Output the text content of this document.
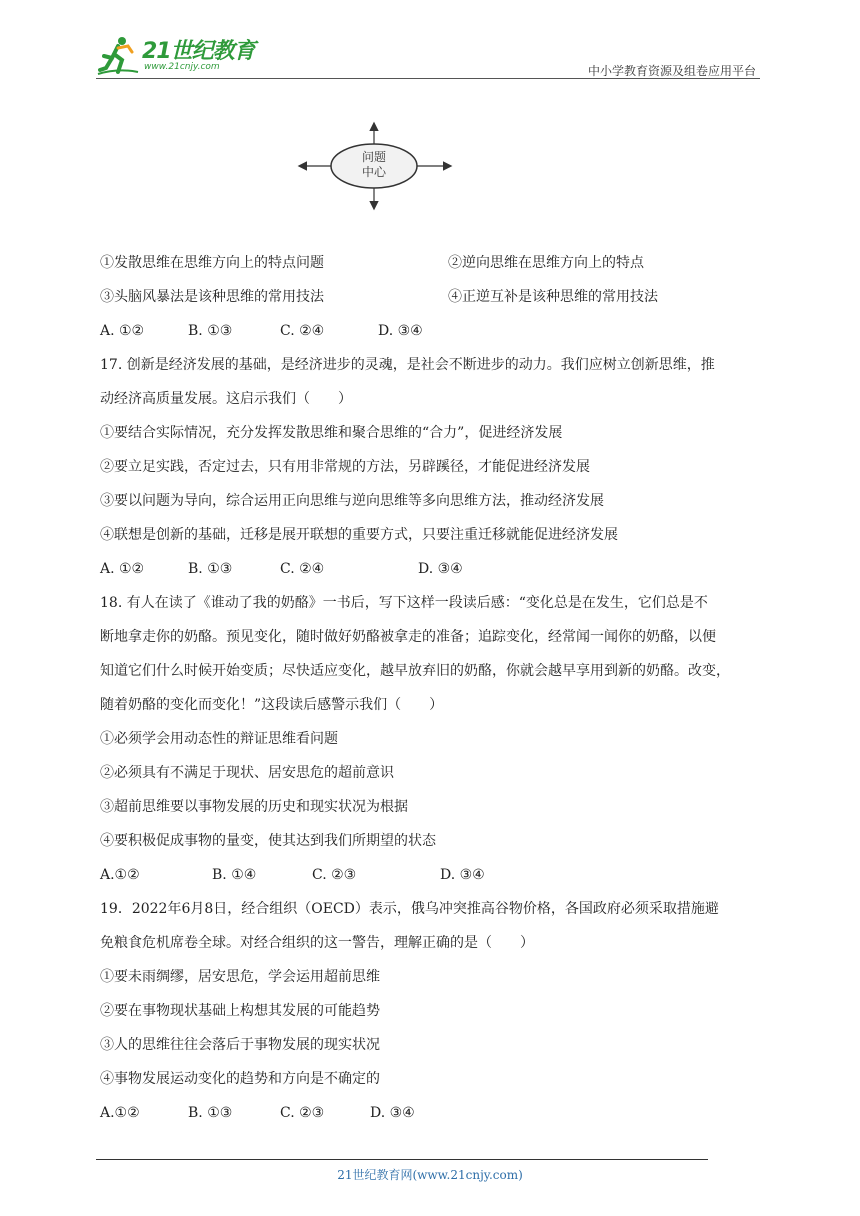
21世纪教育
www.21cnjy.com	中小学教育资源及组卷应用平台
问题
中心
①发散思维在思维方向上的特点问题	②逆向思维在思维方向上的特点
③头脑风暴法是该种思维的常用技法	④正逆互补是该种思维的常用技法
A. ①②	B. ①③	C. ②④	D. ③④
17. 创新是经济发展的基础，是经济进步的灵魂，是社会不断进步的动力。我们应树立创新思维，推
动经济高质量发展。这启示我们（　　）
①要结合实际情况，充分发挥发散思维和聚合思维的“合力”，促进经济发展
②要立足实践，否定过去，只有用非常规的方法，另辟蹊径，才能促进经济发展
③要以问题为导向，综合运用正向思维与逆向思维等多向思维方法，推动经济发展
④联想是创新的基础，迁移是展开联想的重要方式，只要注重迁移就能促进经济发展
A. ①②	B. ①③	C. ②④	D. ③④
18. 有人在读了《谁动了我的奶酪》一书后，写下这样一段读后感：“变化总是在发生，它们总是不
断地拿走你的奶酪。预见变化，随时做好奶酪被拿走的准备；追踪变化，经常闻一闻你的奶酪，以便
知道它们什么时候开始变质；尽快适应变化，越早放弃旧的奶酪，你就会越早享用到新的奶酪。改变，
随着奶酪的变化而变化！”这段读后感警示我们（　　）
①必须学会用动态性的辩证思维看问题
②必须具有不满足于现状、居安思危的超前意识
③超前思维要以事物发展的历史和现实状况为根据
④要积极促成事物的量变，使其达到我们所期望的状态
A.①②	B. ①④	C. ②③	D. ③④
19．2022年6月8日，经合组织（OECD）表示，俄乌冲突推高谷物价格，各国政府必须采取措施避
免粮食危机席卷全球。对经合组织的这一警告，理解正确的是（　　）
①要未雨绸缪，居安思危，学会运用超前思维
②要在事物现状基础上构想其发展的可能趋势
③人的思维往往会落后于事物发展的现实状况
④事物发展运动变化的趋势和方向是不确定的
A.①②	B. ①③	C. ②③	D. ③④
21世纪教育网(www.21cnjy.com)
